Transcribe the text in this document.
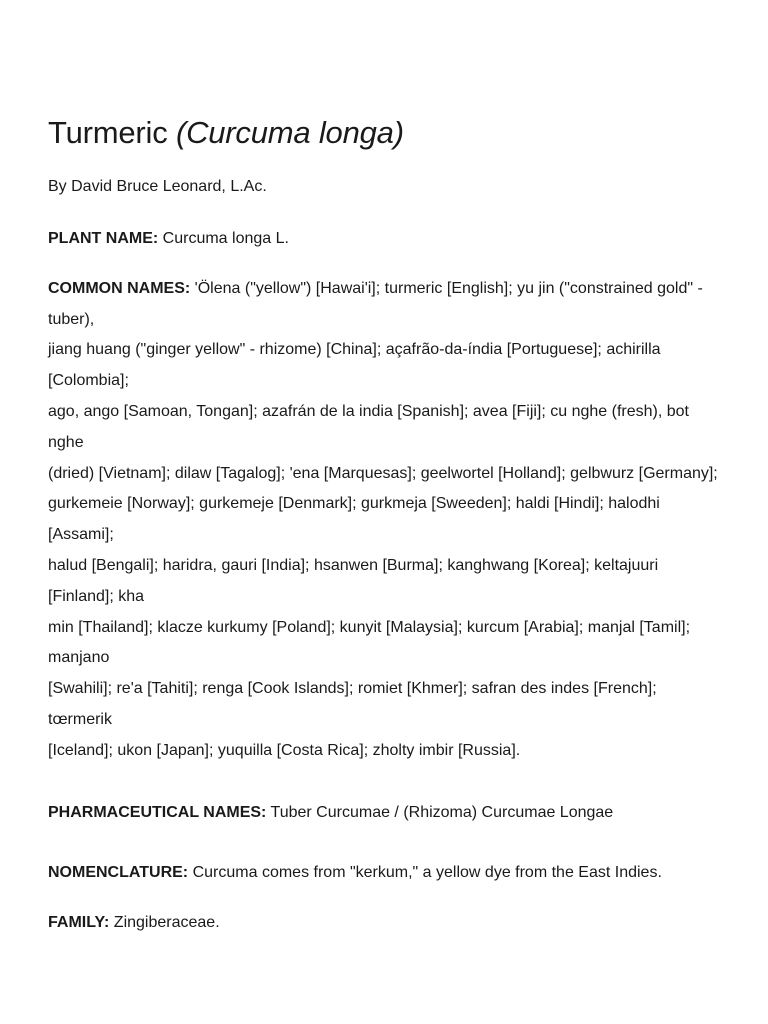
Turmeric (Curcuma longa)

By David Bruce Leonard, L.Ac.

PLANT NAME: Curcuma longa L.

COMMON NAMES: 'Ölena ("yellow") [Hawai'i]; turmeric [English]; yu jin ("constrained gold" - tuber),
jiang huang ("ginger yellow" - rhizome) [China]; açafrão-da-índia [Portuguese]; achirilla [Colombia];
ago, ango [Samoan, Tongan]; azafrán de la india [Spanish]; avea [Fiji]; cu nghe (fresh), bot nghe
(dried) [Vietnam]; dilaw [Tagalog]; 'ena [Marquesas]; geelwortel [Holland]; gelbwurz [Germany];
gurkemeie [Norway]; gurkemeje [Denmark]; gurkmeja [Sweeden]; haldi [Hindi]; halodhi [Assami];
halud [Bengali]; haridra, gauri [India]; hsanwen [Burma]; kanghwang [Korea]; keltajuuri [Finland]; kha
min [Thailand]; klacze kurkumy [Poland]; kunyit [Malaysia]; kurcum [Arabia]; manjal [Tamil]; manjano
[Swahili]; re'a [Tahiti]; renga [Cook Islands]; romiet [Khmer]; safran des indes [French]; tœrmerik
[Iceland]; ukon [Japan]; yuquilla [Costa Rica]; zholty imbir [Russia].

PHARMACEUTICAL NAMES: Tuber Curcumae / (Rhizoma) Curcumae Longae

NOMENCLATURE: Curcuma comes from "kerkum," a yellow dye from the East Indies.

FAMILY: Zingiberaceae.
